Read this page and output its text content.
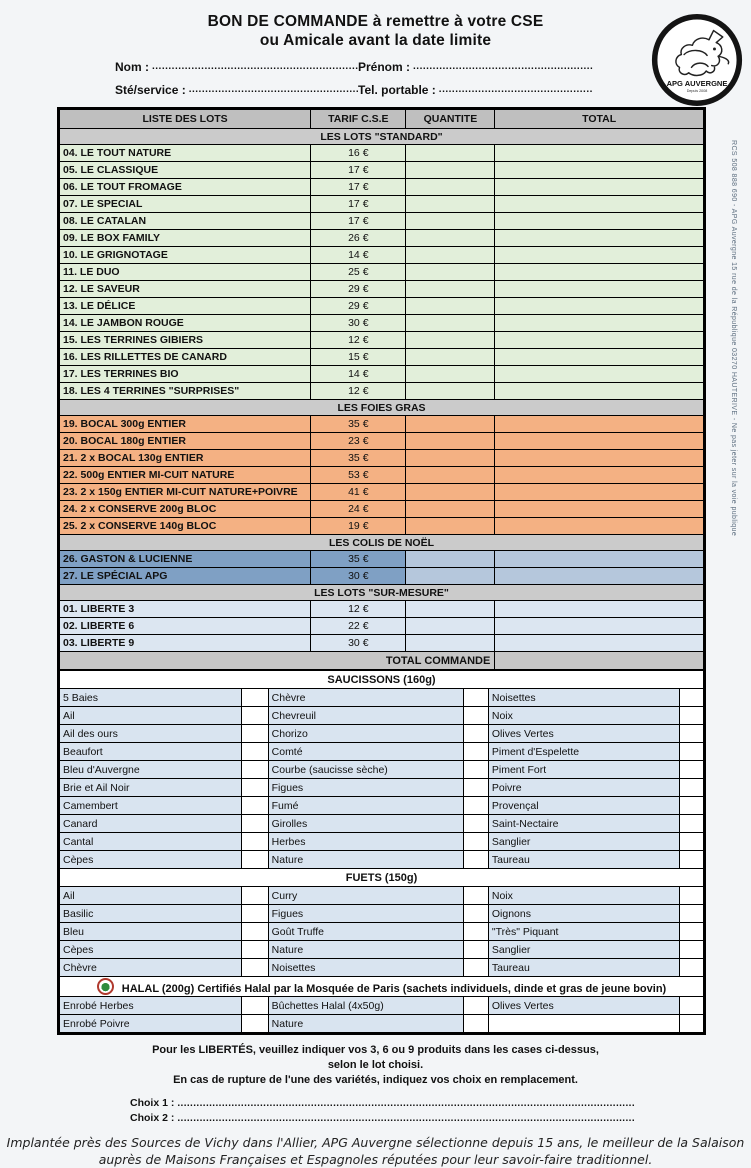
RCS 508 888 690 - APG Auvergne 15 rue de la République 03270 HAUTERIVE - Ne pas jeter sur la voie publique
BON DE COMMANDE à remettre à votre CSE
ou Amicale avant la date limite
APG AUVERGNE
Depuis 2008
Nom : .....	Prénom :
.....
Sté/service : .....	Tel. portable :
.....
LISTE DES LOTS	TARIF C.S.E	QUANTITE	TOTAL
LES LOTS "STANDARD"			
04. LE TOUT NATURE	16 €		
05. LE CLASSIQUE	17 €		
06. LE TOUT FROMAGE	17 €		
07. LE SPECIAL	17 €		
08. LE CATALAN	17 €		
09. LE BOX FAMILY	26 €		
10. LE GRIGNOTAGE	14 €		
11. LE DUO	25 €		
12. LE SAVEUR	29 €		
13. LE DÉLICE	29 €		
14. LE JAMBON ROUGE	30 €		
15. LES TERRINES GIBIERS	12 €		
16. LES RILLETTES DE CANARD	15 €		
17. LES TERRINES BIO	14 €		
18. LES 4 TERRINES "SURPRISES"	12 €		
LES FOIES GRAS			
19. BOCAL 300g ENTIER	35 €		
20. BOCAL 180g ENTIER	23 €		
21. 2 x BOCAL 130g ENTIER	35 €		
22. 500g ENTIER MI-CUIT NATURE	53 €		
23. 2 x 150g ENTIER MI-CUIT NATURE+POIVRE	41 €		
24. 2 x CONSERVE 200g BLOC	24 €		
25. 2 x CONSERVE 140g BLOC	19 €		
LES COLIS DE NOËL			
26. GASTON & LUCIENNE	35 €		
27. LE SPÉCIAL APG	30 €		
LES LOTS "SUR-MESURE"			
01. LIBERTE 3	12 €		
02. LIBERTE 6	22 €		
03. LIBERTE 9	30 €		
TOTAL COMMANDE			
SAUCISSONS (160g)					
5 Baies		Chèvre		Noisettes	
Ail		Chevreuil		Noix	
Ail des ours		Chorizo		Olives Vertes	
Beaufort		Comté		Piment d'Espelette	
Bleu d'Auvergne		Courbe (saucisse sèche)		Piment Fort	
Brie et Ail Noir		Figues		Poivre	
Camembert		Fumé		Provençal	
Canard		Girolles		Saint-Nectaire	
Cantal		Herbes		Sanglier	
Cèpes		Nature		Taureau	
FUETS (150g)					
Ail		Curry		Noix	
Basilic		Figues		Oignons	
Bleu		Goût Truffe		"Très" Piquant	
Cèpes		Nature		Sanglier	
Chèvre		Noisettes		Taureau	
HALAL (200g) Certifiés Halal par la Mosquée de Paris (sachets individuels, dinde et gras de jeune bovin)					
Enrobé Herbes		Bûchettes Halal (4x50g)		Olives Vertes	
Enrobé Poivre		Nature			
Pour les LIBERTÉS, veuillez indiquer vos 3, 6 ou 9 produits dans les cases ci-dessus,
selon le lot choisi.
En cas de rupture de l'une des variétés, indiquez vos choix en remplacement.
Choix 1 :
.....
Choix 2 :
.....
Implantée près des Sources de Vichy dans l'Allier, APG Auvergne sélectionne depuis 15 ans, le meilleur de la Salaison
auprès de Maisons Françaises et Espagnoles réputées pour leur savoir-faire traditionnel.
